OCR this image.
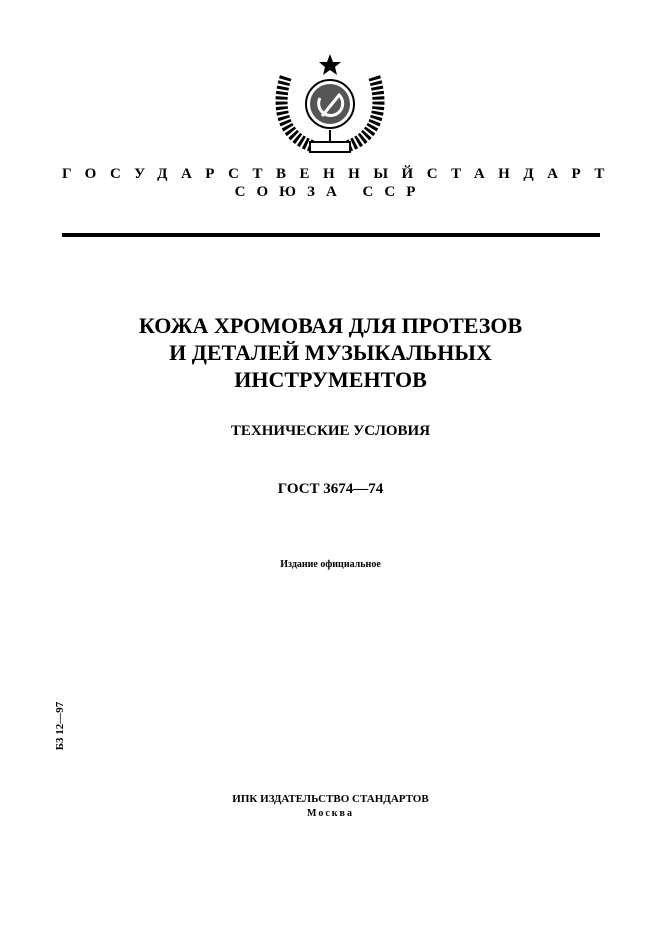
ГОСУДАРСТВЕННЫЙ СТАНДАРТ
СОЮЗА ССР
КОЖА ХРОМОВАЯ ДЛЯ ПРОТЕЗОВ
И ДЕТАЛЕЙ МУЗЫКАЛЬНЫХ
ИНСТРУМЕНТОВ
ТЕХНИЧЕСКИЕ УСЛОВИЯ
ГОСТ 3674—74
Издание официальное
Б3 12—97
ИПК ИЗДАТЕЛЬСТВО СТАНДАРТОВ
Москва
